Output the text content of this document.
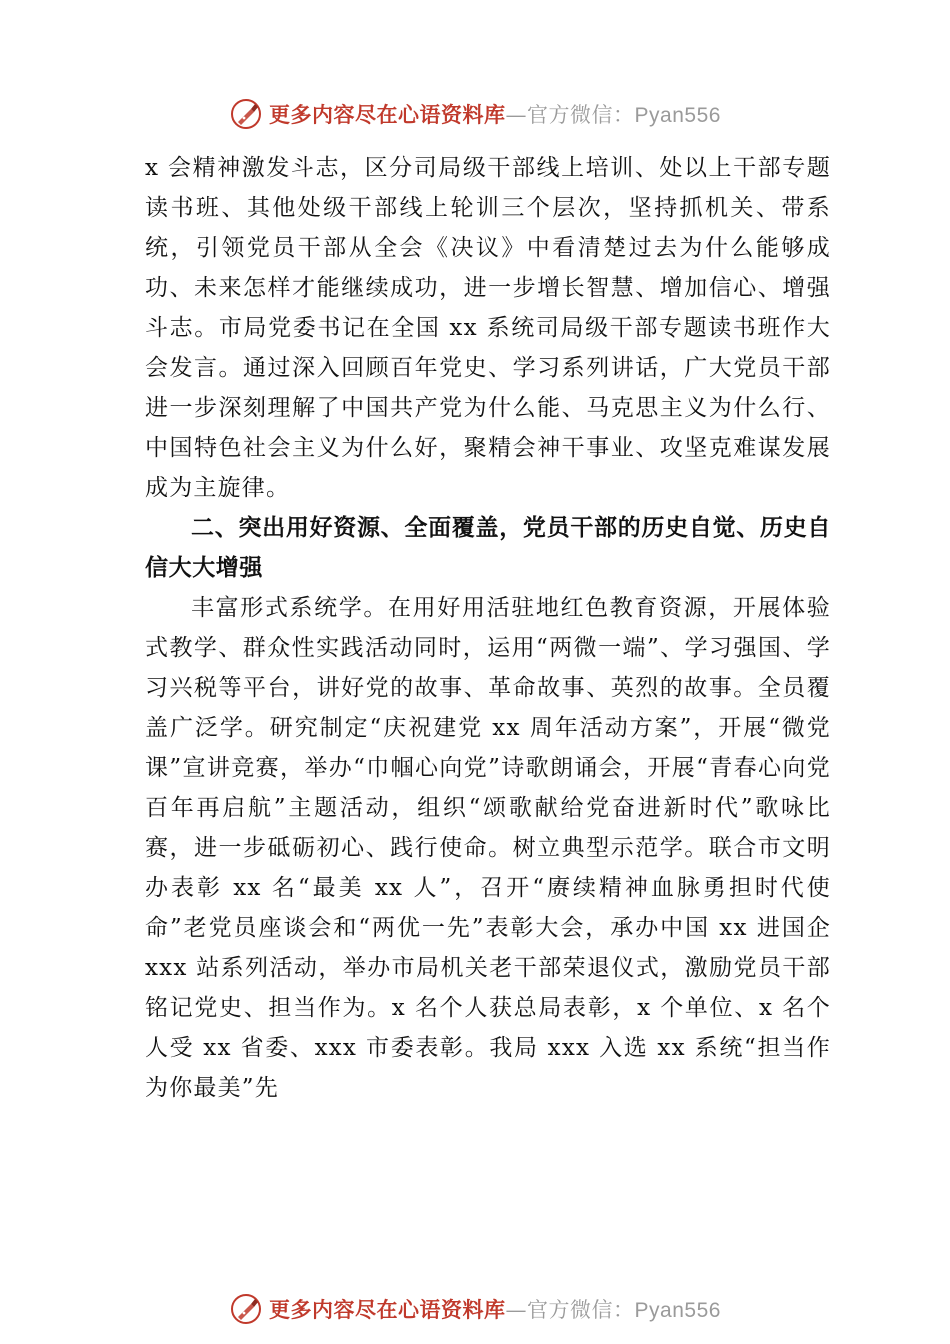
更多内容尽在心语资料库—官方微信：Pyan556

x 会精神激发斗志，区分司局级干部线上培训、处以上干部专题读书班、其他处级干部线上轮训三个层次，坚持抓机关、带系统，引领党员干部从全会《决议》中看清楚过去为什么能够成功、未来怎样才能继续成功，进一步增长智慧、增加信心、增强斗志。市局党委书记在全国 xx 系统司局级干部专题读书班作大会发言。通过深入回顾百年党史、学习系列讲话，广大党员干部进一步深刻理解了中国共产党为什么能、马克思主义为什么行、中国特色社会主义为什么好，聚精会神干事业、攻坚克难谋发展成为主旋律。

二、突出用好资源、全面覆盖，党员干部的历史自觉、历史自信大大增强

丰富形式系统学。在用好用活驻地红色教育资源，开展体验式教学、群众性实践活动同时，运用“两微一端”、学习强国、学习兴税等平台，讲好党的故事、革命故事、英烈的故事。全员覆盖广泛学。研究制定“庆祝建党 xx 周年活动方案”，开展“微党课”宣讲竞赛，举办“巾帼心向党”诗歌朗诵会，开展“青春心向党百年再启航”主题活动，组织“颂歌献给党奋进新时代”歌咏比赛，进一步砥砺初心、践行使命。树立典型示范学。联合市文明办表彰 xx 名“最美 xx 人”，召开“赓续精神血脉勇担时代使命”老党员座谈会和“两优一先”表彰大会，承办中国 xx 进国企 xxx 站系列活动，举办市局机关老干部荣退仪式，激励党员干部铭记党史、担当作为。x 名个人获总局表彰，x 个单位、x 名个人受 xx 省委、xxx 市委表彰。我局 xxx 入选 xx 系统“担当作为你最美”先

更多内容尽在心语资料库—官方微信：Pyan556
